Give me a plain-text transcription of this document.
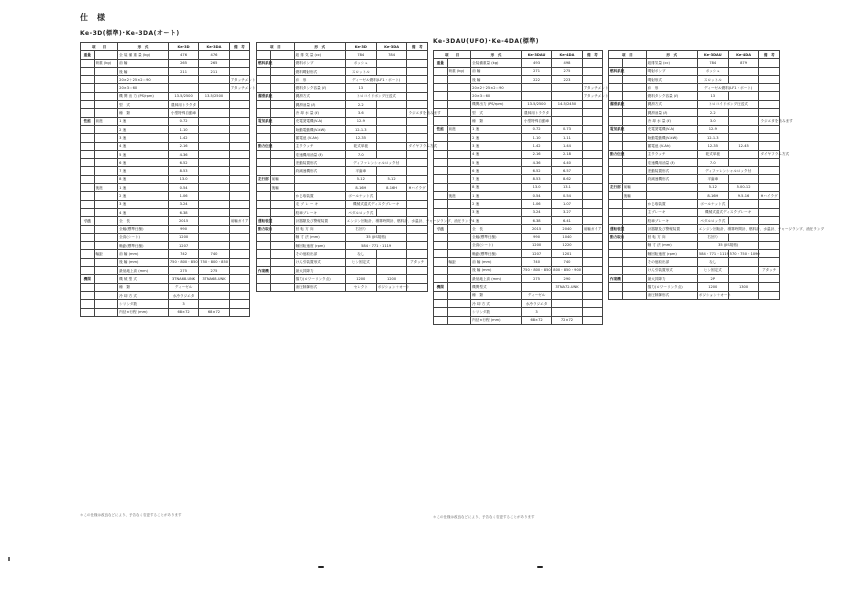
仕　様
Ke-3D(標準)･Ke-3DA(オート)
Ke-3DAU(UFO)･Ke-4DA(標準)
項　　目		形　式	Ke-3D	Ke-3DA	備　考
重量		全 装 備 重 量 (kg)	476	476	
	荷重 (kg)	前 輪	265	265	
		後 輪	211	211	
		20×2＋25×2＝90			アタッチメント
		20×3＝60			アタッチメント
		機 関 出 力 (PS/rpm)	13.5/2500	13.5/2500	
		型　式	農林用トラクタ		
		種　類	小型特殊自動車		
性能	前進	1 速	0.72		
		2 速	1.10		
		3 速	1.42		
		4 速	2.16		
		5 速	4.36		
		6 速	6.52		
		7 速	8.53		
		8 速	13.0		
	後進	1 速	0.54		
		2 速	1.06		
		3 速	3.24		
		4 速	6.38		
寸法		全　長	2015		前輪ガイア
		全幅(標準仕様)	990		
		全高(シート)	1200		
		軸距(標準仕様)	1207		
	輪距	前 輪 (mm)	742	740	
		後 輪 (mm)	750・800・850	750・800・850	
		最低地上高 (mm)	275	275	
機関		機 械 型 式	3TNA68-UNK	3TNA68-UNK	
		種　類	ディーゼル		
		冷 却 方 式	水冷ラジエタ		
		シリンダ数	3		
		内径×行程 (mm)	68×72	68×72	
項　目		形　式	Ke-3D	Ke-3DA	備　考
		総 排 気 量 (cc)	784	784	
燃料系統		燃料ポンプ	ボッシュ		
		燃料噴射形式	スロットル		
		弁　形	ディーゼル燃料(LF1・ポート)		
		燃料タンク容量 (ℓ)	13		
潤滑系統		潤滑方式	トロコイドポンプ圧送式		
		潤滑油量 (ℓ)	2.2		
		冷 却 水 量 (ℓ)	3.6		ラジエタを含みます
電気系統		充電発電機(V-A)	12-9		
		始動電動機(V-kW)	12-1.3		
		蓄電池 (V-Ah)	12-35		
動力伝達		主クラッチ	乾式単板		ダイヤフラム方式
		変速機用油量 (ℓ)	7.0		
		差動装置形式	ディファレンシャルロック付		
		終減速機形式	平歯車		
走行部	前輪		5-12	5-12	
	後輪		8-16H	8-16H	Hハイラグ
		かじ取装置	ボールナット式		
		走 ブ レ ー キ	機械式湿式ディスクブレーキ		
		駐車ブレーキ	ペダルロック式		
運転装置		計器類及び警報装置	エンジン回転計、積算時間計、燃料計、水温計、チャージランプ、油圧ランプ		
動力取出		回 転 方 向	右回り		
		軸 寸 法 (mm)	35 (JIS規格)		
		軸回転速度 (rpm)	584・771・1119		
		その他取出部	なし		
		けん引装置形式	ヒン固定式		アタッチ
作業機		最大昇降力			
		揚力(ロワーリンク点)	1200	1200	
		油圧制御形式	セレクト	ポジション＋オート	
項　　目		形　式	Ke-3DAU	Ke-4DA	備　考
重量		全装備重量 (kg)	493	498	
	荷重 (kg)	前 輪	271	275	
		後 輪	222	223	
		20×2＋25×2＝90			アタッチメント
		20×3＝60			アタッチメント
		機関出力 (PS/rpm)	13.5/2500	14.5/2450	
		型　式	農林用トラクタ		
		種　類	小型特殊自動車		
性能	前進	1 速	0.72	0.73	
		2 速	1.10	1.11	
		3 速	1.42	1.44	
		4 速	2.16	2.18	
		5 速	4.36	4.40	
		6 速	6.52	6.57	
		7 速	8.53	8.62	
		8 速	13.0	13.1	
	後進	1 速	0.54	0.54	
		2 速	1.06	1.07	
		3 速	3.24	3.27	
		4 速	6.38	6.41	
寸法		全　長	2015	2040	前輪ガイア
		全幅(標準仕様)	990	1040	
		全高(シート)	1200	1220	
		軸距(標準仕様)	1207	1201	
	輪距	前 輪 (mm)	740	740	
		後 輪 (mm)	750・800・850	800・850・900	
		最低地上高 (mm)	275	290	
機関		機関型式		3TNA72-UNK	
		種　類	ディーゼル		
		冷 却 方 式	水冷ラジエタ		
		シリンダ数	3		
		内径×行程 (mm)	68×72	72×72	
項　目		形　式	Ke-3DAU	Ke-4DA	備　考
		総排気量 (cc)	784	879	
燃料系統		噴射ポンプ	ボッシュ		
		噴射形式	スロットル		
		弁　形	ディーゼル燃料(LF1・ポート)		
		燃料タンク容量 (ℓ)	13		
潤滑系統		潤滑方式	トロコイドポンプ圧送式		
		潤滑油量 (ℓ)	2.2		
		冷 却 水 量 (ℓ)	3.0		ラジエタを含みます
電気系統		充電発電機(V-A)	12-9		
		始動電動機(V-kW)	12-1.3		
		蓄電池 (V-Ah)	12-35	12-45	
動力伝達		主クラッチ	乾式単板		ダイヤフラム方式
		変速機用油量 (ℓ)	7.0		
		差動装置形式	ディファレンシャルロック付		
		終減速機形式	平歯車		
走行部	前輪		5-12	5.00-12	
	後輪		8-16H	9.5-16	Hハイラグ
		かじ取装置	ボールナット式		
		主ブレーキ	機械式湿式ディスクブレーキ		
		駐車ブレーキ	ペダルロック式		
運転装置		計器類及び警報装置	エンジン回転計、積算時間計、燃料計、水温計、チャージランプ、油圧ランプ		
動力取出		回 転 方 向	右回り		
		軸 寸 法 (mm)	35 (JIS規格)		
		軸回転速度 (rpm)	584・771・1119	570・750・1090	
		その他取出部	なし		
		けん引装置形式	ヒン固定式		アタッチ
作業機		最大昇降力	2P		
		揚力(ロワーリンク点)	1200	1300	
		油圧制御形式	ポジション＋オート		
＊この仕様は改良などにより、予告なく変更することがあります	＊この仕様は改良などにより、予告なく変更することがあります
